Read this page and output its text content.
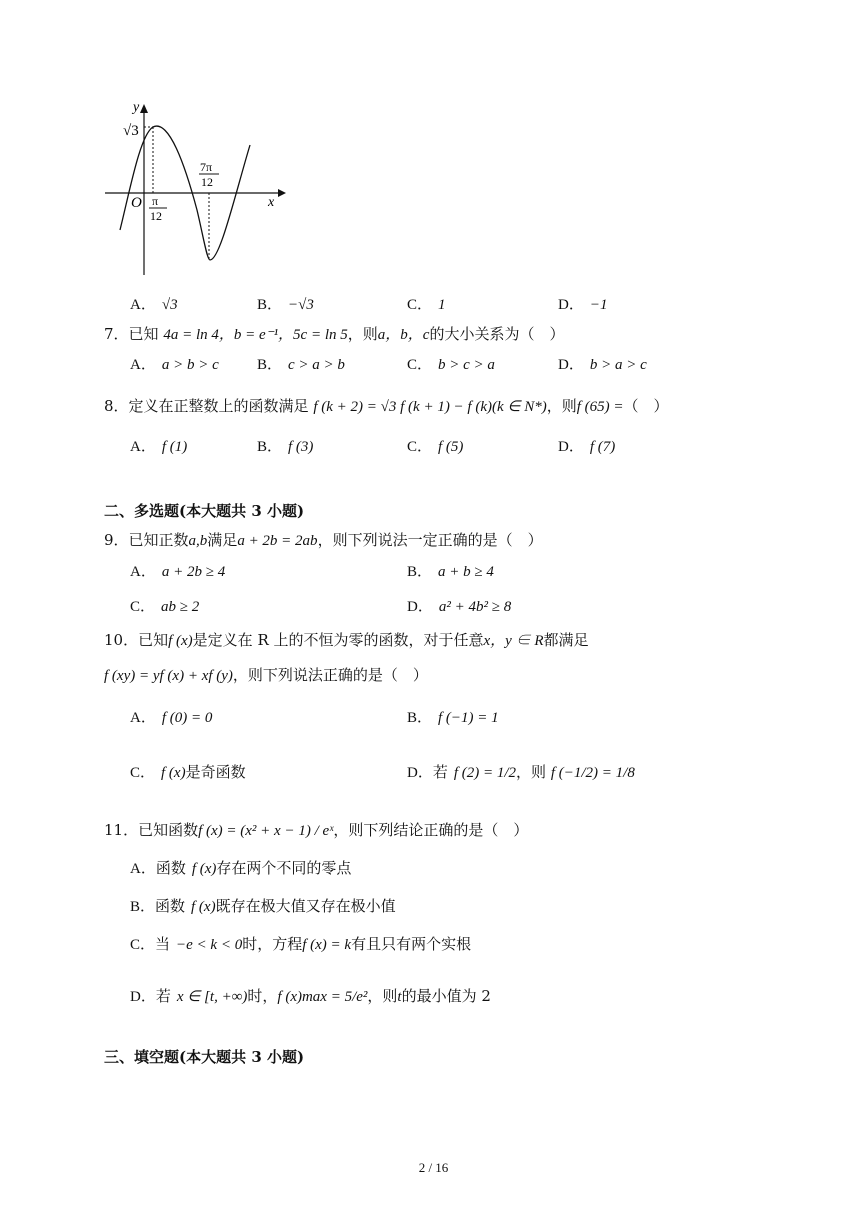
y
x
O
√3
π
12
7π
12
A． √3	B． −√3	C． 1	D． −1
7．已知 4a = ln 4，b = e⁻¹，5c = ln 5，则a，b，c的大小关系为（　）
A． a > b > c	B． c > a > b	C． b > c > a	D． b > a > c
8．定义在正整数上的函数满足 f (k + 2) = √3 f (k + 1) − f (k)(k ∈ N*)，则f (65) =（　）
A． f (1)	B． f (3)	C． f (5)	D． f (7)
二、多选题(本大题共 3 小题)
9．已知正数a,b满足a + 2b = 2ab，则下列说法一定正确的是（　）
A． a + 2b ≥ 4	B． a + b ≥ 4
C． ab ≥ 2	D． a² + 4b² ≥ 8
10．已知f (x)是定义在 R 上的不恒为零的函数，对于任意x，y ∈ R都满足
f (xy) = yf (x) + xf (y)，则下列说法正确的是（　）
A． f (0) = 0	B． f (−1) = 1
C． f (x)是奇函数	D．若 f (2) = 1/2，则 f (−1/2) = 1/8
11．已知函数f (x) = (x² + x − 1) / eˣ，则下列结论正确的是（　）
A．函数 f (x)存在两个不同的零点
B．函数 f (x)既存在极大值又存在极小值
C．当 −e < k < 0时，方程f (x) = k有且只有两个实根
D．若 x ∈ [t, +∞)时，f (x)max = 5/e²，则t的最小值为 2
三、填空题(本大题共 3 小题)
2 / 16
